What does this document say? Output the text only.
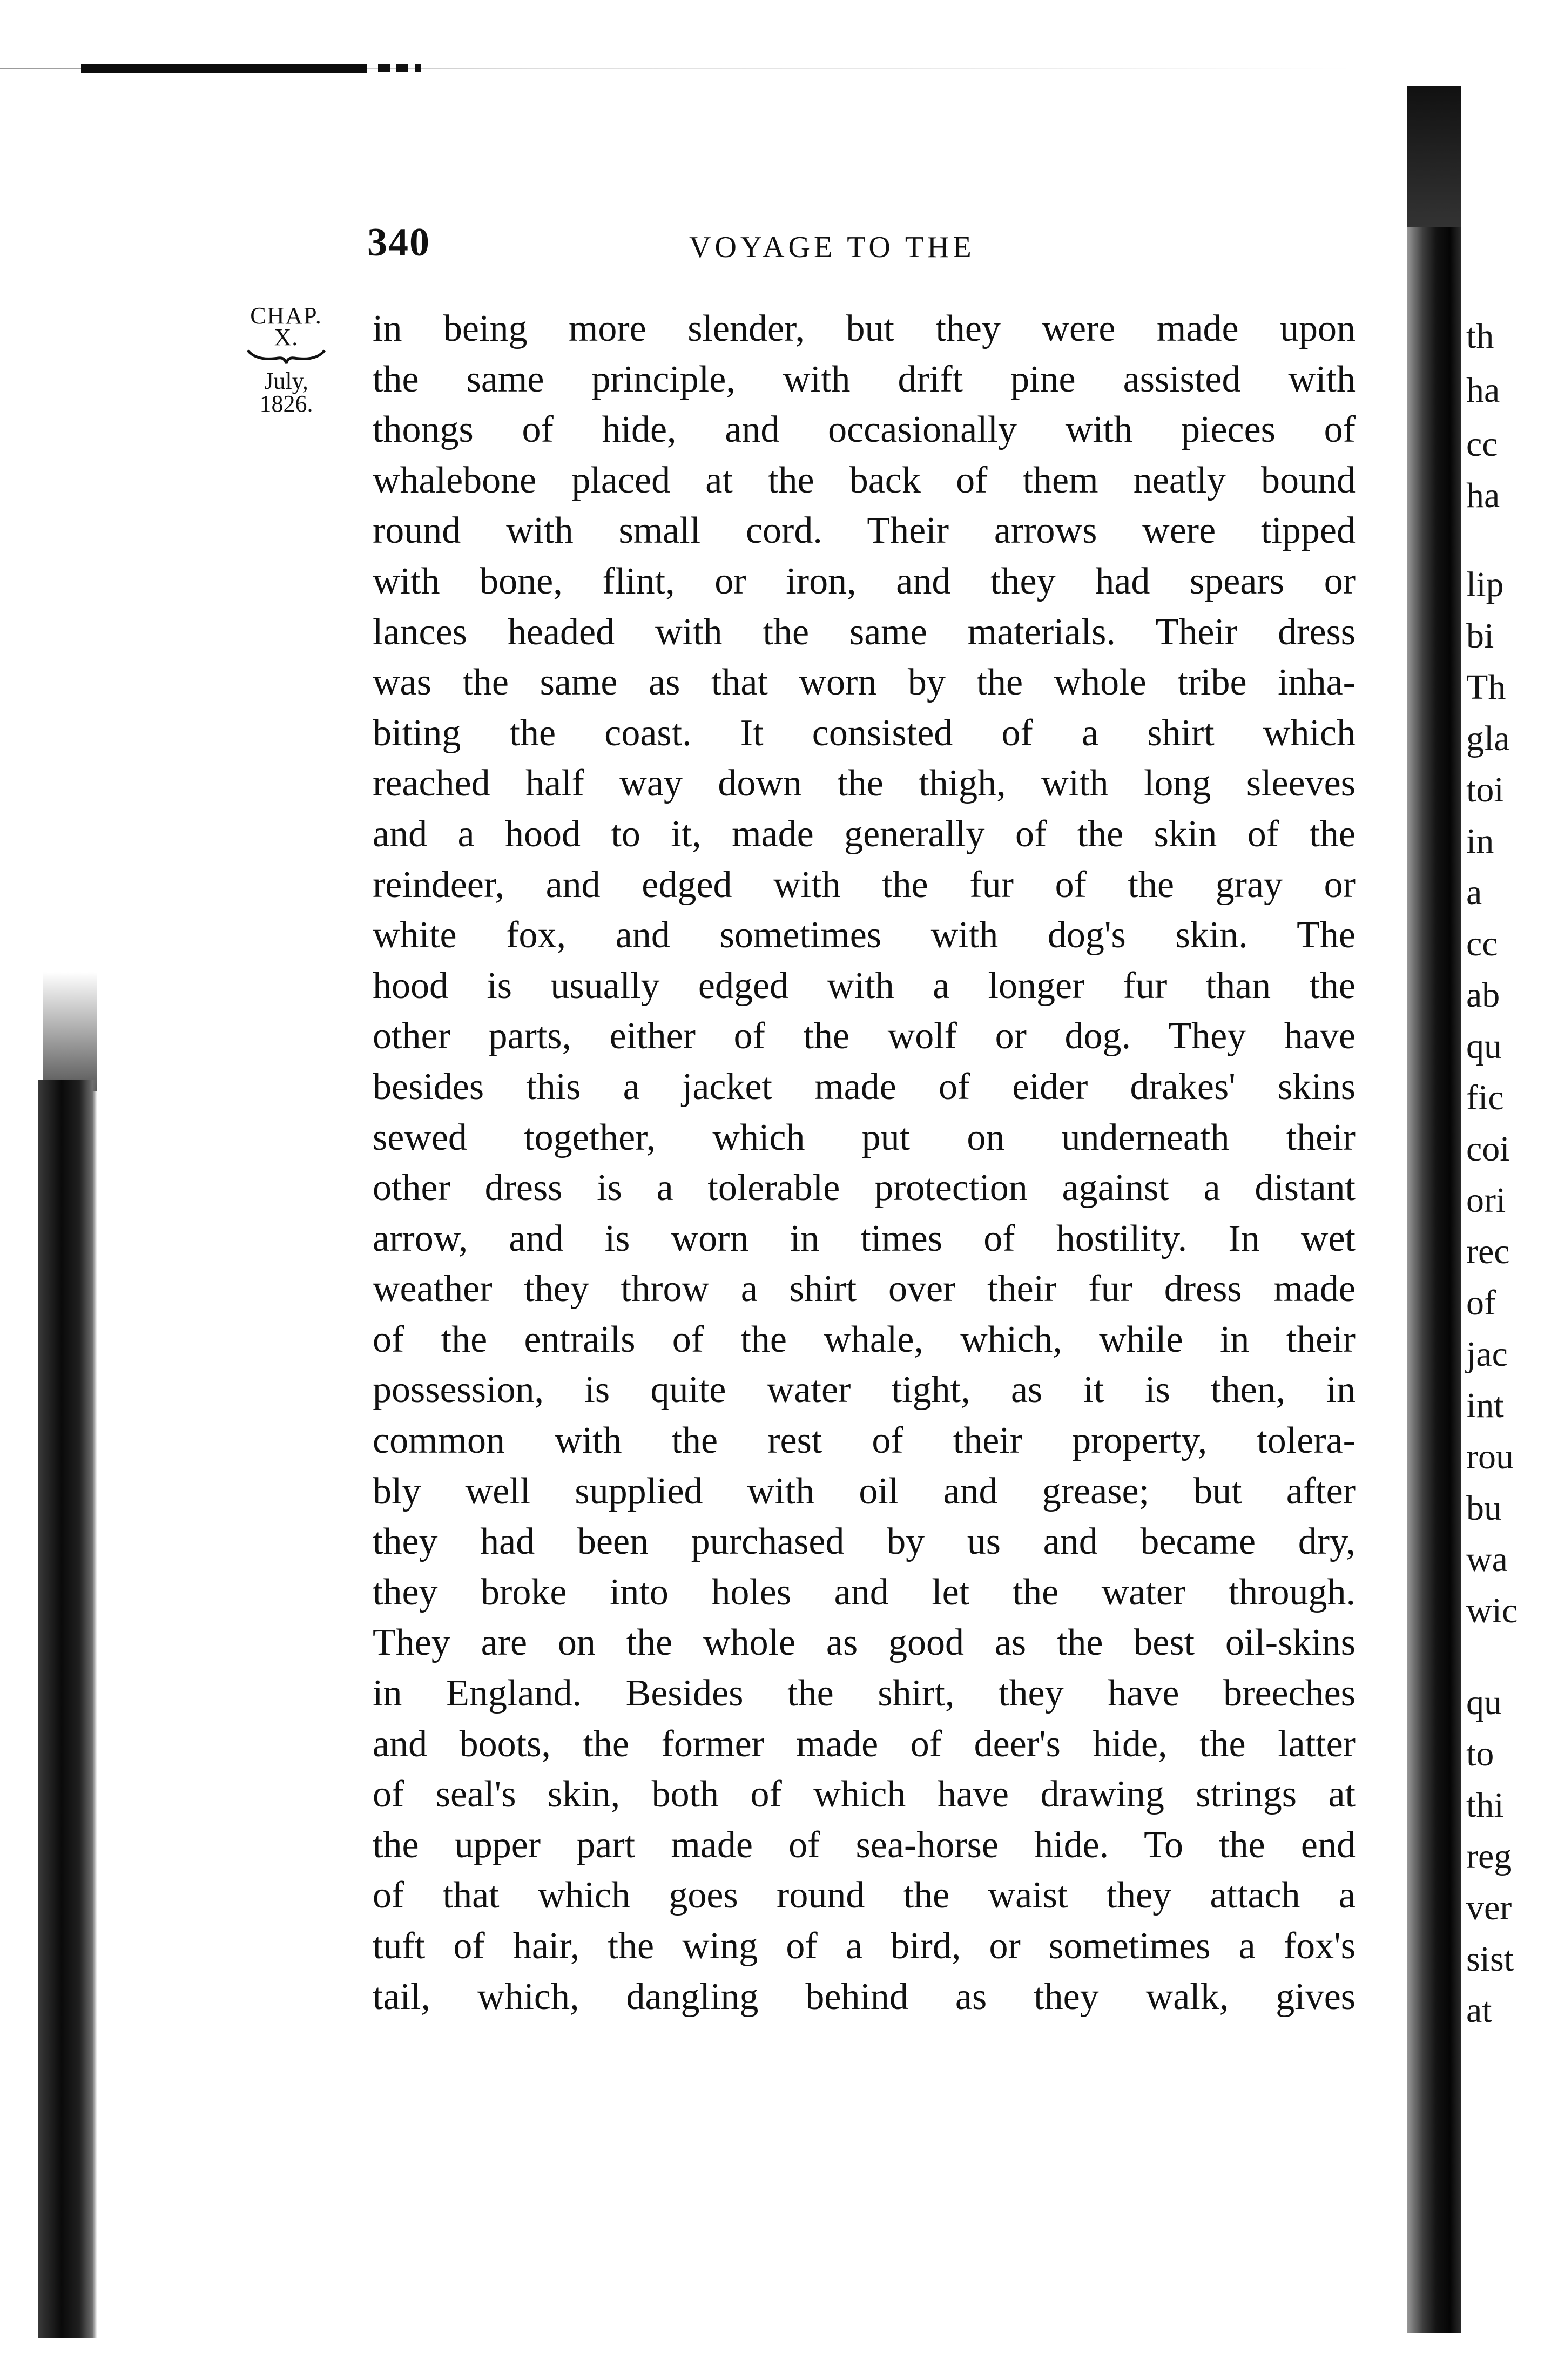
340	VOYAGE TO THE
CHAP.
X.
July,
1826.
in being more slender, but they were made upon
the same principle, with drift pine assisted with
thongs of hide, and occasionally with pieces of
whalebone placed at the back of them neatly bound
round with small cord. Their arrows were tipped
with bone, flint, or iron, and they had spears or
lances headed with the same materials. Their dress
was the same as that worn by the whole tribe inha-
biting the coast. It consisted of a shirt which
reached half way down the thigh, with long sleeves
and a hood to it, made generally of the skin of the
reindeer, and edged with the fur of the gray or
white fox, and sometimes with dog's skin. The
hood is usually edged with a longer fur than the
other parts, either of the wolf or dog. They have
besides this a jacket made of eider drakes' skins
sewed together, which put on underneath their
other dress is a tolerable protection against a distant
arrow, and is worn in times of hostility. In wet
weather they throw a shirt over their fur dress made
of the entrails of the whale, which, while in their
possession, is quite water tight, as it is then, in
common with the rest of their property, tolera-
bly well supplied with oil and grease; but after
they had been purchased by us and became dry,
they broke into holes and let the water through.
They are on the whole as good as the best oil-skins
in England. Besides the shirt, they have breeches
and boots, the former made of deer's hide, the latter
of seal's skin, both of which have drawing strings at
the upper part made of sea-horse hide. To the end
of that which goes round the waist they attach a
tuft of hair, the wing of a bird, or sometimes a fox's
tail, which, dangling behind as they walk, gives
th
ha
cc
ha
lip
bi
Th
gla
toi
in
a
cc
ab
qu
fic
coi
ori
rec
of
jac
int
rou
bu
wa
wic
qu
to
thi
reg
ver
sist
at
